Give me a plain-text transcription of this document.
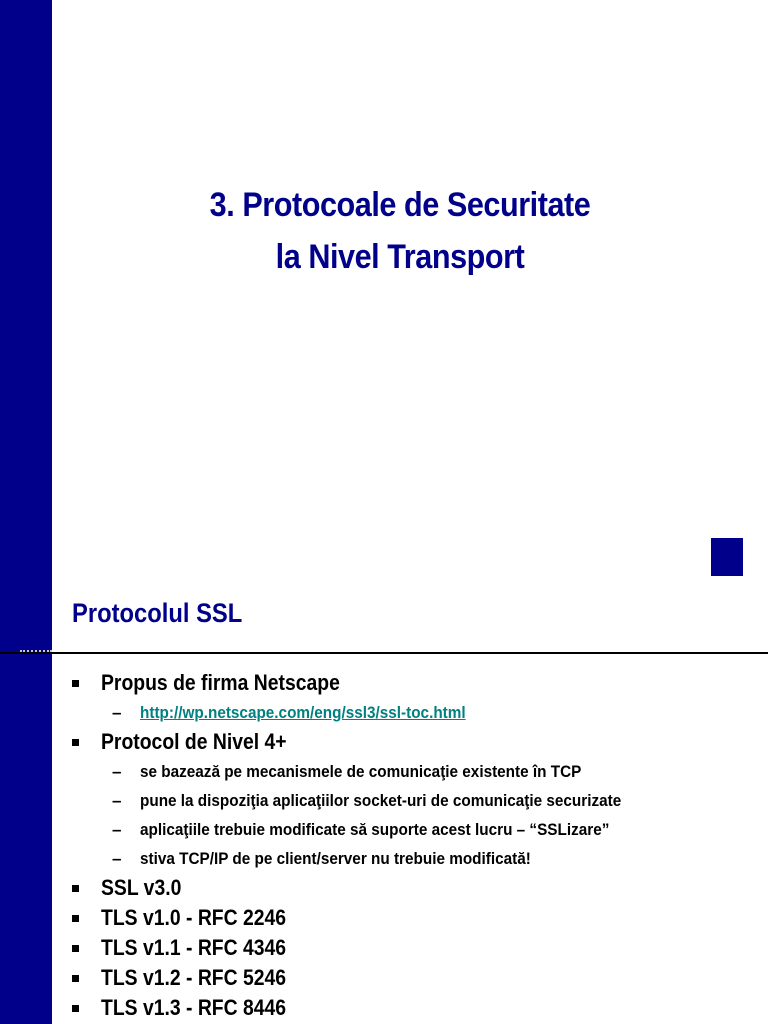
3. Protocoale de Securitate
la Nivel Transport
Protocolul SSL
Propus de firma Netscape
– http://wp.netscape.com/eng/ssl3/ssl-toc.html
Protocol de Nivel 4+
– se bazează pe mecanismele de comunicaţie existente în TCP
– pune la dispoziţia aplicaţiilor socket-uri de comunicaţie securizate
– aplicaţiile trebuie modificate să suporte acest lucru – “SSLizare”
– stiva TCP/IP de pe client/server nu trebuie modificată!
SSL v3.0
TLS v1.0 - RFC 2246
TLS v1.1 - RFC 4346
TLS v1.2 - RFC 5246
TLS v1.3 - RFC 8446
